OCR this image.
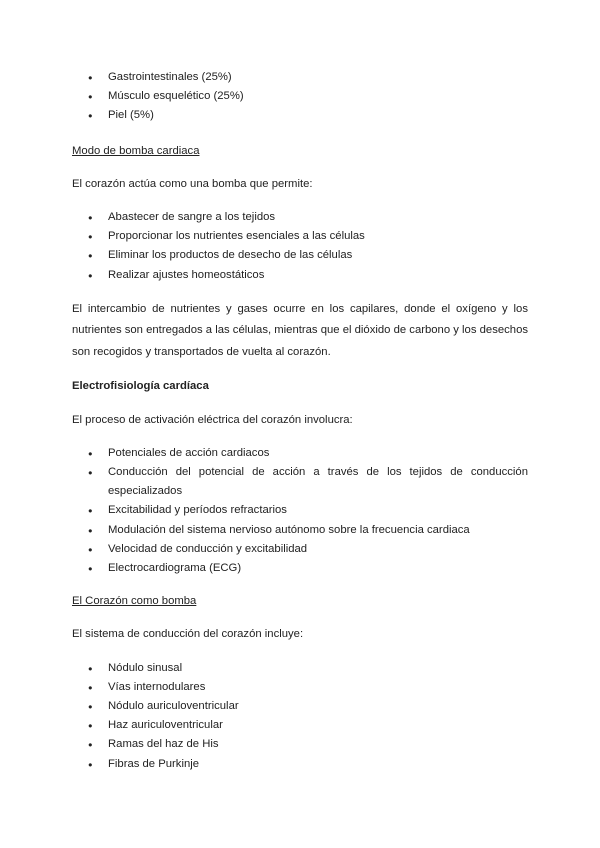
● Gastrointestinales (25%)
● Músculo esquelético (25%)
● Piel (5%)
Modo de bomba cardiaca

El corazón actúa como una bomba que permite:

● Abastecer de sangre a los tejidos
● Proporcionar los nutrientes esenciales a las células
● Eliminar los productos de desecho de las células
● Realizar ajustes homeostáticos

El intercambio de nutrientes y gases ocurre en los capilares, donde el oxígeno y los nutrientes son entregados a las células, mientras que el dióxido de carbono y los desechos son recogidos y transportados de vuelta al corazón.

Electrofisiología cardíaca

El proceso de activación eléctrica del corazón involucra:

● Potenciales de acción cardiacos
● Conducción del potencial de acción a través de los tejidos de conducción especializados
● Excitabilidad y períodos refractarios
● Modulación del sistema nervioso autónomo sobre la frecuencia cardiaca
● Velocidad de conducción y excitabilidad
● Electrocardiograma (ECG)
El Corazón como bomba

El sistema de conducción del corazón incluye:

● Nódulo sinusal
● Vías internodulares
● Nódulo auriculoventricular
● Haz auriculoventricular
● Ramas del haz de His
● Fibras de Purkinje
